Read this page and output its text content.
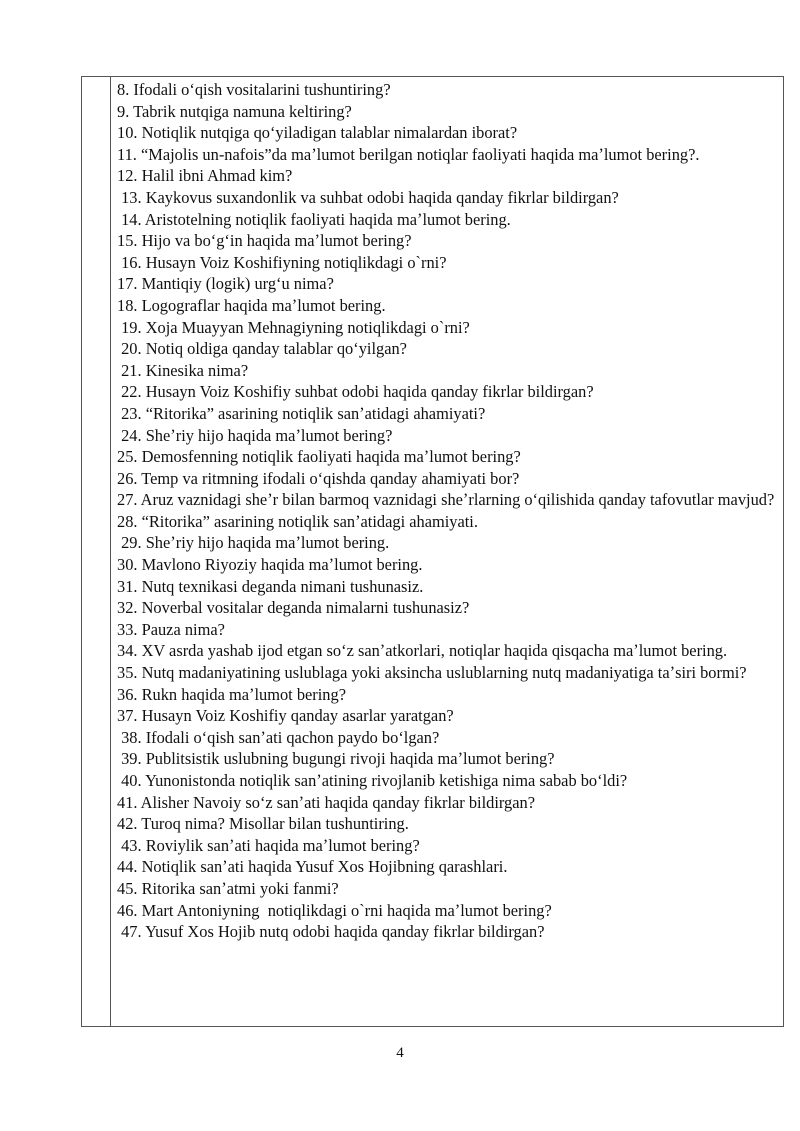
8. Ifodali oʻqish vositalarini tushuntiring?

9. Tabrik nutqiga namuna keltiring?

10. Notiqlik nutqiga qoʻyiladigan talablar nimalardan iborat?

11. “Majolis un-nafois”da maʼlumot berilgan notiqlar faoliyati haqida maʼlumot bering?.

12. Halil ibni Ahmad kim?

13. Kaykovus suxandonlik va suhbat odobi haqida qanday fikrlar bildirgan?

14. Aristotelning notiqlik faoliyati haqida maʼlumot bering.

15. Hijo va boʻgʻin haqida maʼlumot bering?

16. Husayn Voiz Koshifiyning notiqlikdagi o`rni?

17. Mantiqiy (logik) urgʻu nima?

18. Logograflar haqida maʼlumot bering.

19. Xoja Muayyan Mehnagiyning notiqlikdagi o`rni?

20. Notiq oldiga qanday talablar qoʻyilgan?

21. Kinesika nima?

22. Husayn Voiz Koshifiy suhbat odobi haqida qanday fikrlar bildirgan?

23. “Ritorika” asarining notiqlik sanʼatidagi ahamiyati?

24. Sheʼriy hijo haqida maʼlumot bering?

25. Demosfenning notiqlik faoliyati haqida maʼlumot bering?

26. Temp va ritmning ifodali oʻqishda qanday ahamiyati bor?

27. Aruz vaznidagi sheʼr bilan barmoq vaznidagi sheʼrlarning oʻqilishida qanday tafovutlar mavjud?

28. “Ritorika” asarining notiqlik sanʼatidagi ahamiyati.

29. Sheʼriy hijo haqida maʼlumot bering.

30. Mavlono Riyoziy haqida maʼlumot bering.

31. Nutq texnikasi deganda nimani tushunasiz.

32. Noverbal vositalar deganda nimalarni tushunasiz?

33. Pauza nima?

34. XV asrda yashab ijod etgan soʻz sanʼatkorlari, notiqlar haqida qisqacha maʼlumot bering.

35. Nutq madaniyatining uslublaga yoki aksincha uslublarning nutq madaniyatiga taʼsiri bormi?

36. Rukn haqida maʼlumot bering?

37. Husayn Voiz Koshifiy qanday asarlar yaratgan?

38. Ifodali oʻqish sanʼati qachon paydo boʻlgan?

39. Publitsistik uslubning bugungi rivoji haqida maʼlumot bering?

40. Yunonistonda notiqlik sanʼatining rivojlanib ketishiga nima sabab boʻldi?

41. Alisher Navoiy soʻz sanʼati haqida qanday fikrlar bildirgan?

42. Turoq nima? Misollar bilan tushuntiring.

43. Roviylik sanʼati haqida maʼlumot bering?

44. Notiqlik sanʼati haqida Yusuf Xos Hojibning qarashlari.

45. Ritorika sanʼatmi yoki fanmi?

46. Mart Antoniyning  notiqlikdagi o`rni haqida maʼlumot bering?

47. Yusuf Xos Hojib nutq odobi haqida qanday fikrlar bildirgan?

4
